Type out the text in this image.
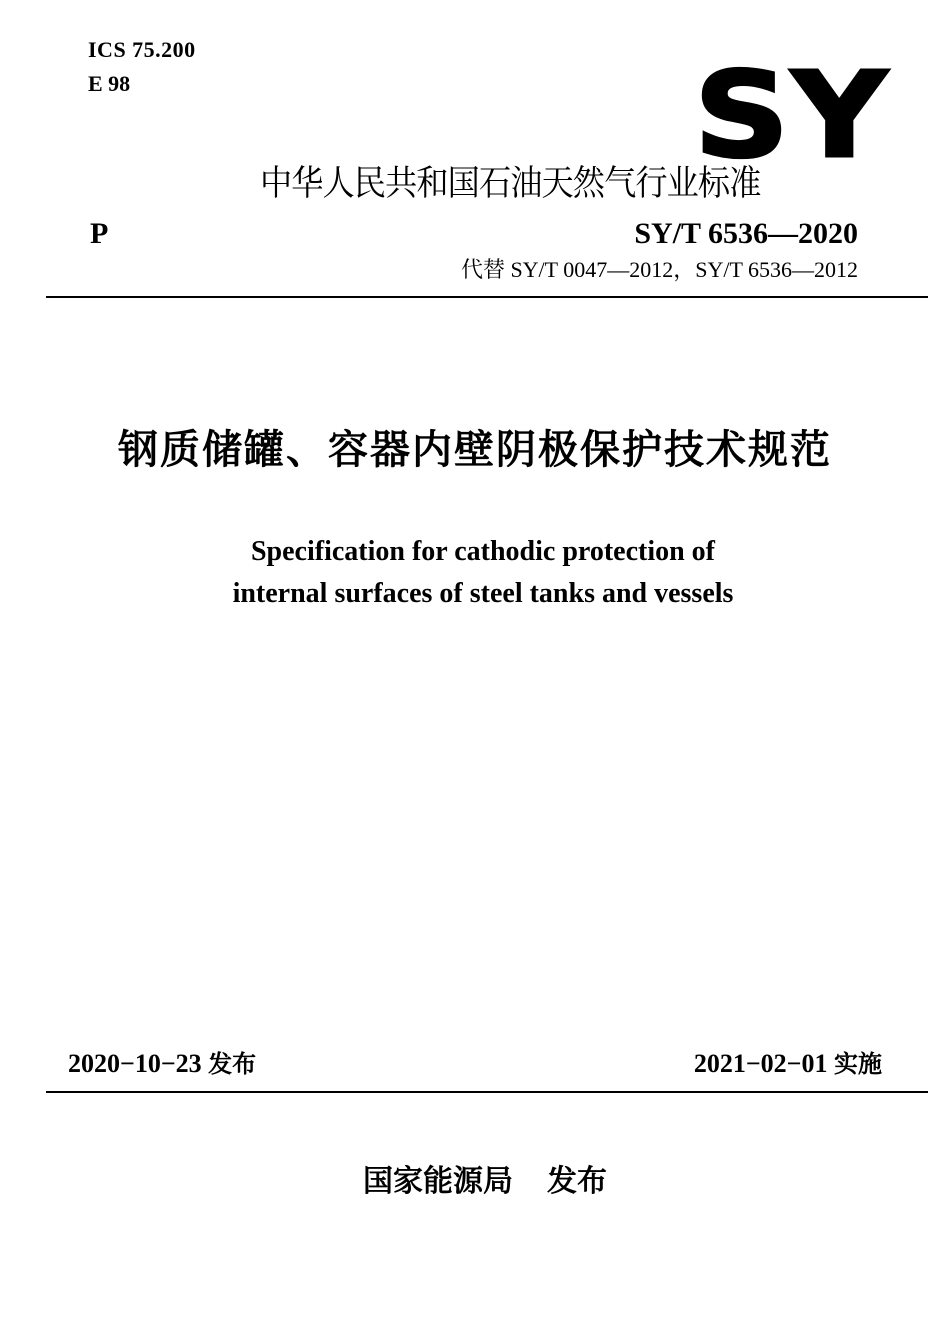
ICS 75.200
E 98	SY
中华人民共和国石油天然气行业标准
P	SY/T 6536—2020
代替 SY/T 0047—2012，SY/T 6536—2012
钢质储罐、容器内壁阴极保护技术规范
Specification for cathodic protection of
internal surfaces of steel tanks and vessels
2020−10−23 发布	2021−02−01 实施
国家能源局 发布
